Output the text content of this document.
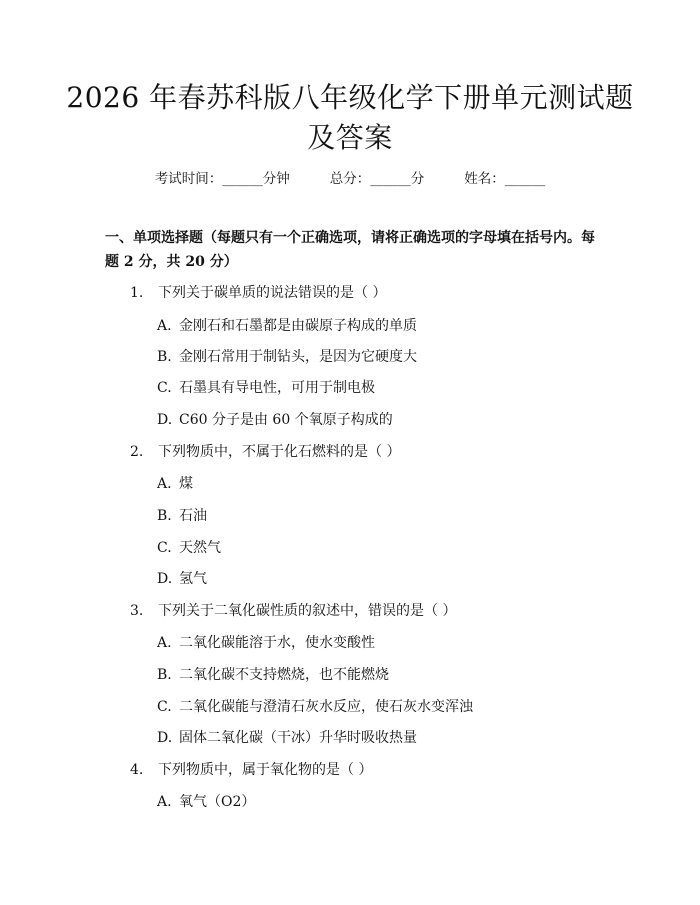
2026 年春苏科版八年级化学下册单元测试题及答案
考试时间：______分钟	总分：______分	姓名：______
一、单项选择题（每题只有一个正确选项，请将正确选项的字母填在括号内。每题 2 分，共 20 分）
1. 下列关于碳单质的说法错误的是（ ）
A. 金刚石和石墨都是由碳原子构成的单质
B. 金刚石常用于制钻头，是因为它硬度大
C. 石墨具有导电性，可用于制电极
D. C60 分子是由 60 个氧原子构成的
2. 下列物质中，不属于化石燃料的是（ ）
A. 煤
B. 石油
C. 天然气
D. 氢气
3. 下列关于二氧化碳性质的叙述中，错误的是（ ）
A. 二氧化碳能溶于水，使水变酸性
B. 二氧化碳不支持燃烧，也不能燃烧
C. 二氧化碳能与澄清石灰水反应，使石灰水变浑浊
D. 固体二氧化碳（干冰）升华时吸收热量
4. 下列物质中，属于氧化物的是（ ）
A. 氧气（O2）
